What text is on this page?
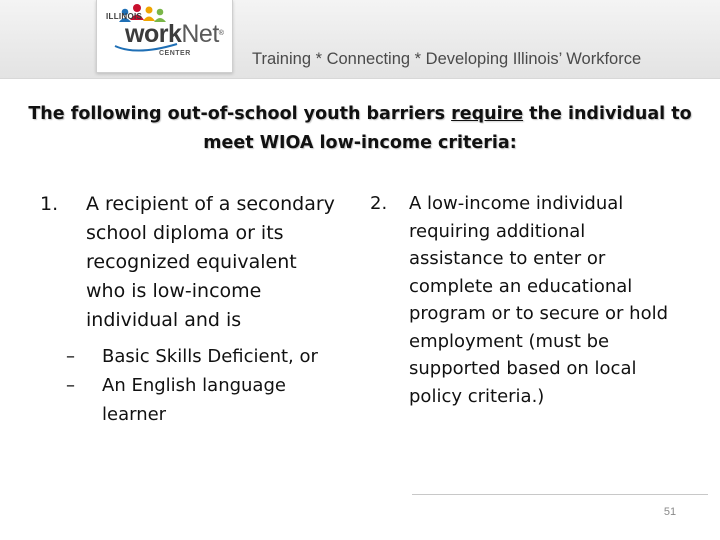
ILLINOIS
workNet®
CENTER	Training * Connecting * Developing Illinois’ Workforce
The following out-of-school youth barriers require the individual to meet WIOA low-income criteria:
1.	A recipient of a secondary school diploma or its recognized equivalent who is low-income individual and is
–	Basic Skills Deficient, or
–	An English language learner
2.	A low-income individual requiring additional assistance to enter or complete an educational program or to secure or hold employment (must be supported based on local policy criteria.)
51
